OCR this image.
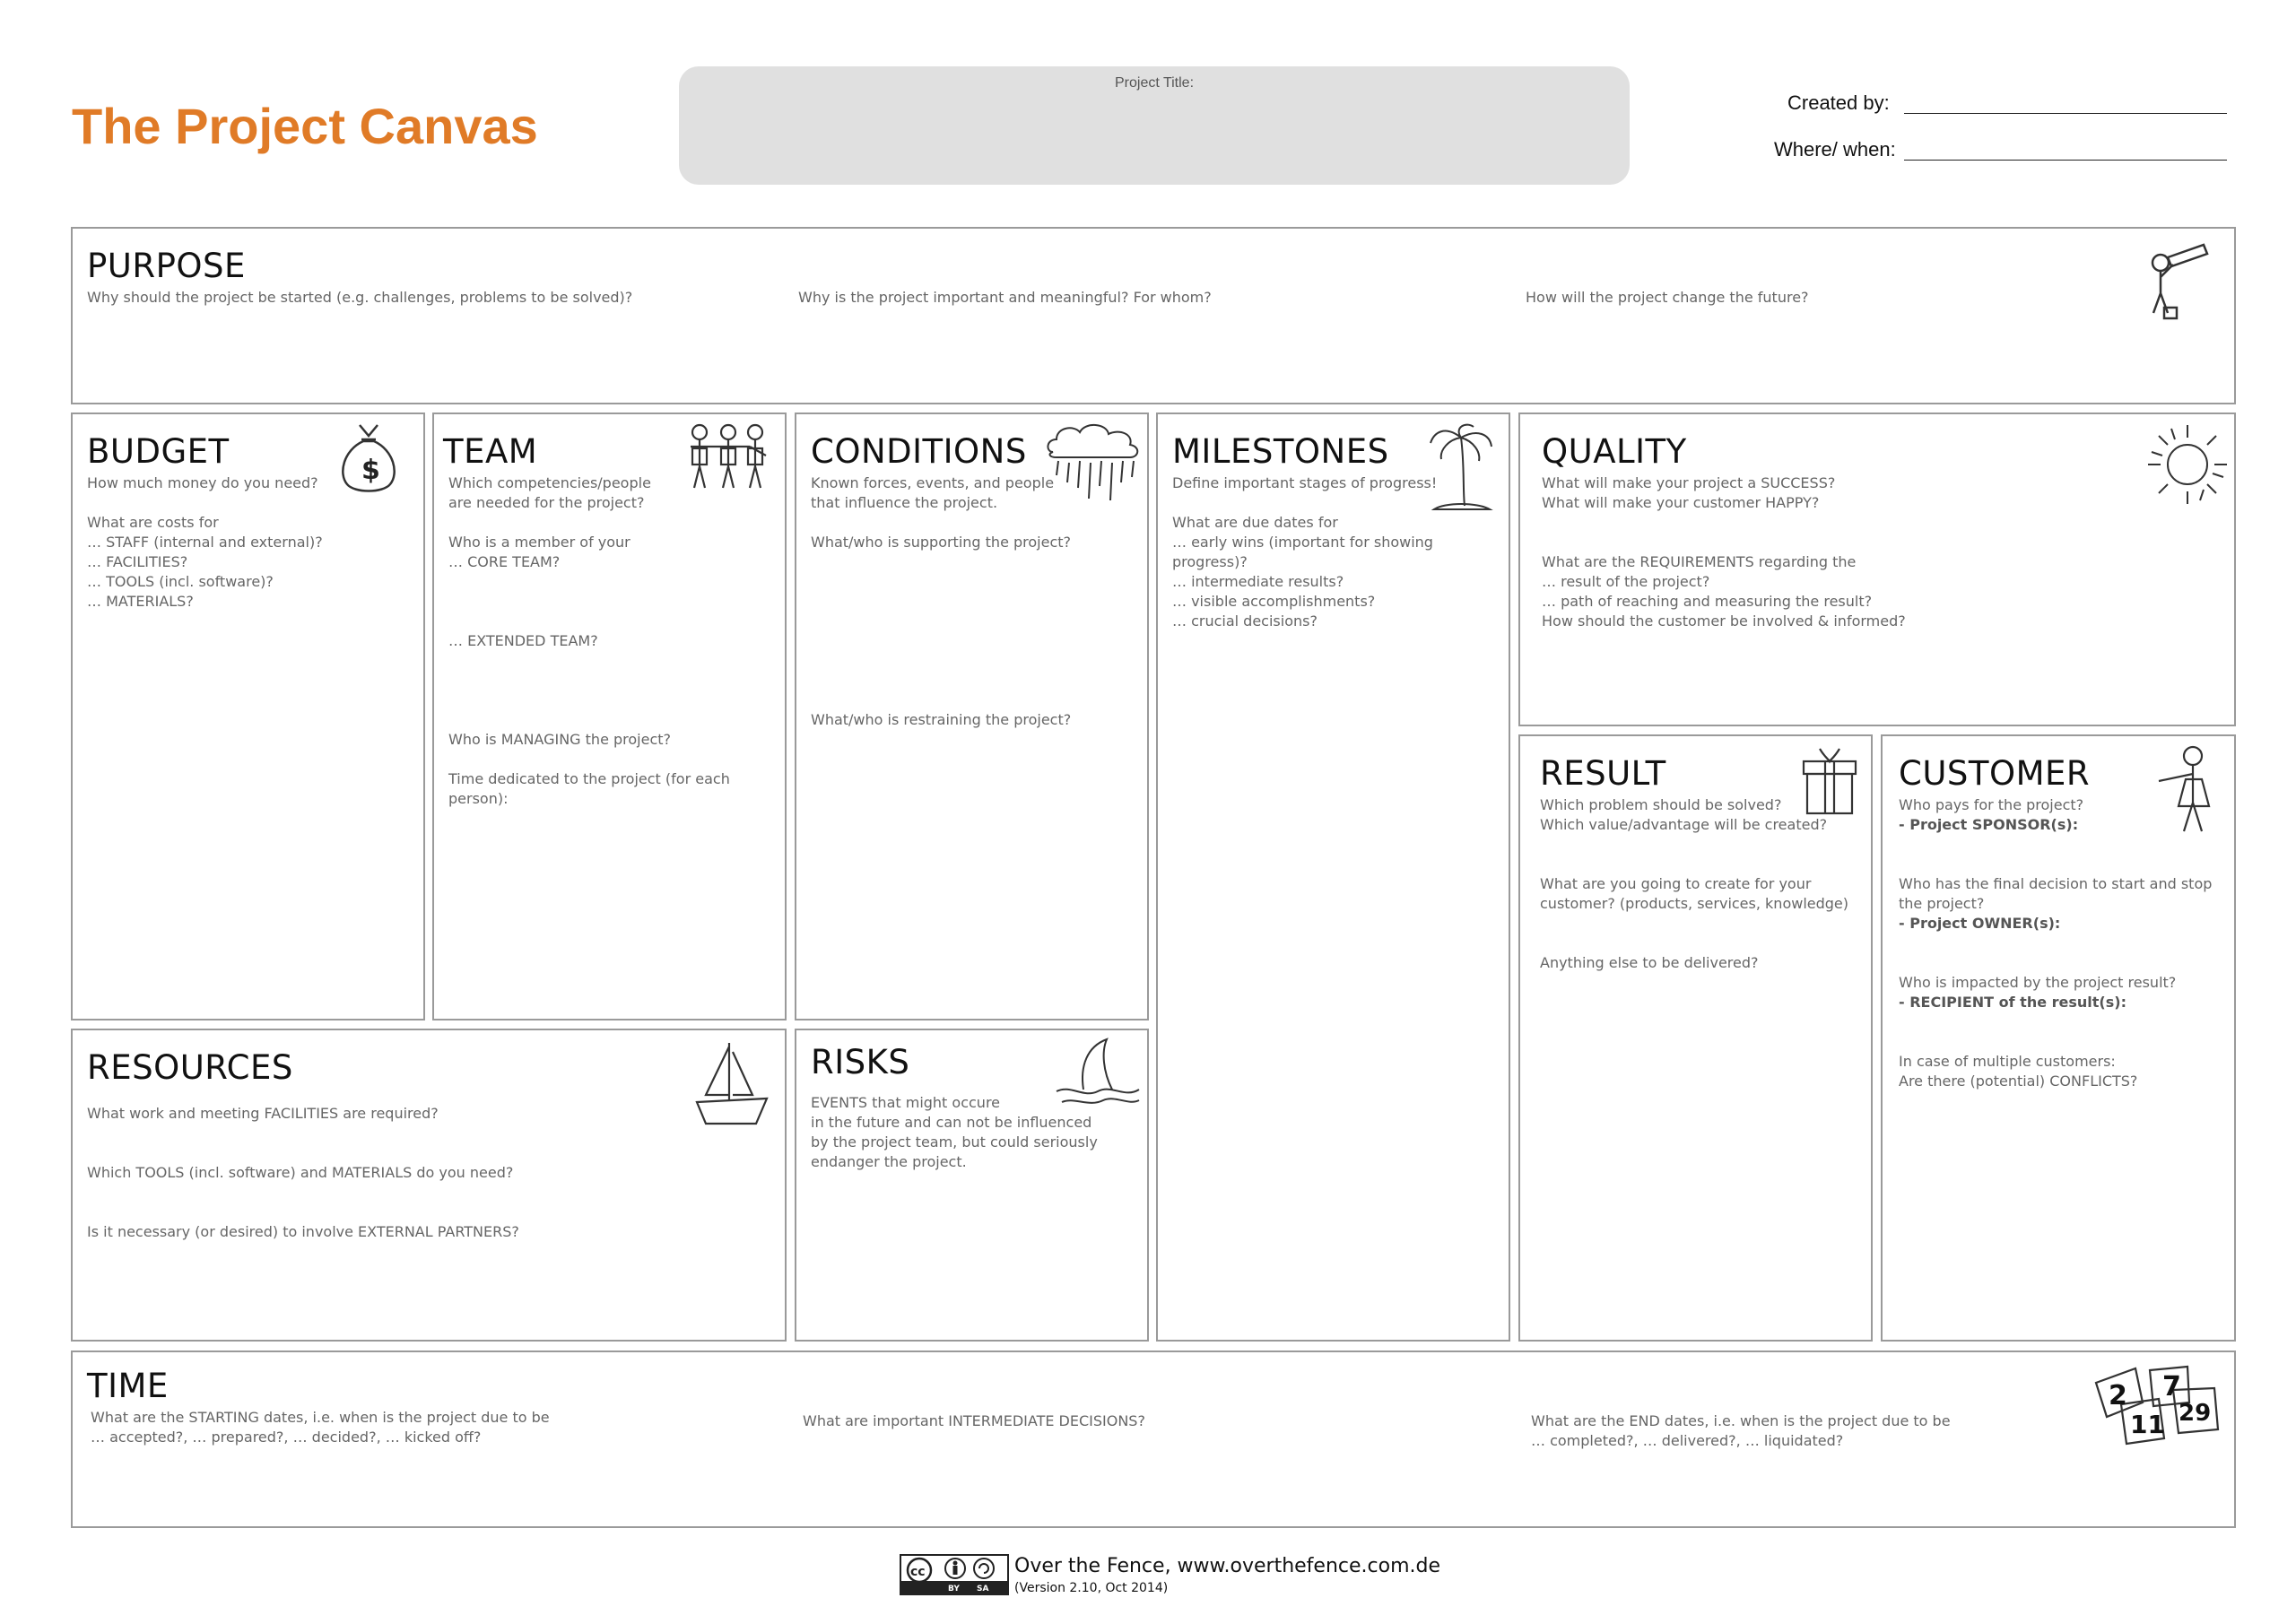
The Project Canvas
Project Title:
Created by:
Where/ when:
PURPOSE

Why should the project be started (e.g. challenges, problems to be solved)?	Why is the project important and meaningful? For whom?	How will the project change the future?

BUDGET

How much money do you need?

What are costs for
… STAFF (internal and external)?
… FACILITIES?
… TOOLS (incl. software)?
… MATERIALS?

$ TEAM

Which competencies/people
are needed for the project?

Who is a member of your
… CORE TEAM?

… EXTENDED TEAM?

Who is MANAGING the project?

Time dedicated to the project (for each
person):

CONDITIONS

Known forces, events, and people
that influence the project.

What/who is supporting the project?

What/who is restraining the project?

MILESTONES

Define important stages of progress!

What are due dates for
… early wins (important for showing progress)?
… intermediate results?
… visible accomplishments?
… crucial decisions?

QUALITY

What will make your project a SUCCESS?
What will make your customer HAPPY?

What are the REQUIREMENTS regarding the
… result of the project?
… path of reaching and measuring the result?
How should the customer be involved & informed?

RESULT

Which problem should be solved?
Which value/advantage will be created?

What are you going to create for your
customer? (products, services, knowledge)

Anything else to be delivered?

CUSTOMER

Who pays for the project?

- Project SPONSOR(s):

Who has the final decision to start and stop
the project?

- Project OWNER(s):

Who is impacted by the project result?

- RECIPIENT of the result(s):

In case of multiple customers:
Are there (potential) CONFLICTS?

RESOURCES

What work and meeting FACILITIES are required?

Which TOOLS (incl. software) and MATERIALS do you need?

Is it necessary (or desired) to involve EXTERNAL PARTNERS?

RISKS

EVENTS that might occure
in the future and can not be influenced
by the project team, but could seriously
endanger the project.

TIME

What are the STARTING dates, i.e. when is the project due to be
… accepted?, … prepared?, … decided?, … kicked off?

What are important INTERMEDIATE DECISIONS?	What are the END dates, i.e. when is the project due to be
… completed?, … delivered?, … liquidated?

2 7
11 29
cc
BY SA
Over the Fence, www.overthefence.com.de
(Version 2.10, Oct 2014)
